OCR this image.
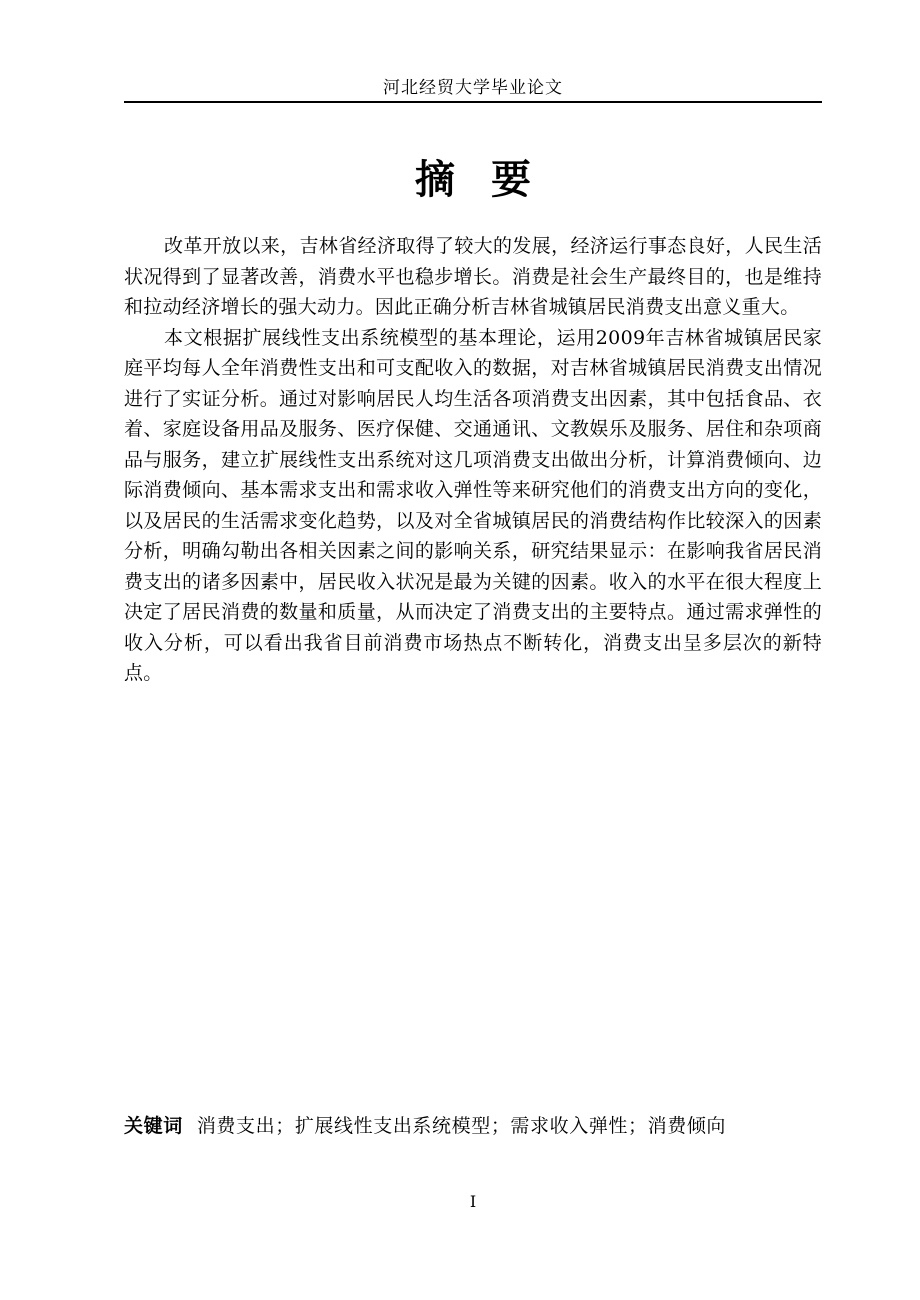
河北经贸大学毕业论文
摘要

改革开放以来，吉林省经济取得了较大的发展，经济运行事态良好，人民生活状况得到了显著改善，消费水平也稳步增长。消费是社会生产最终目的，也是维持和拉动经济增长的强大动力。因此正确分析吉林省城镇居民消费支出意义重大。

本文根据扩展线性支出系统模型的基本理论，运用2009年吉林省城镇居民家庭平均每人全年消费性支出和可支配收入的数据，对吉林省城镇居民消费支出情况进行了实证分析。通过对影响居民人均生活各项消费支出因素，其中包括食品、衣着、家庭设备用品及服务、医疗保健、交通通讯、文教娱乐及服务、居住和杂项商品与服务，建立扩展线性支出系统对这几项消费支出做出分析，计算消费倾向、边际消费倾向、基本需求支出和需求收入弹性等来研究他们的消费支出方向的变化，以及居民的生活需求变化趋势，以及对全省城镇居民的消费结构作比较深入的因素分析，明确勾勒出各相关因素之间的影响关系，研究结果显示：在影响我省居民消费支出的诸多因素中，居民收入状况是最为关键的因素。收入的水平在很大程度上决定了居民消费的数量和质量，从而决定了消费支出的主要特点。通过需求弹性的收入分析，可以看出我省目前消费市场热点不断转化，消费支出呈多层次的新特点。

关键词 消费支出；扩展线性支出系统模型；需求收入弹性；消费倾向
I
